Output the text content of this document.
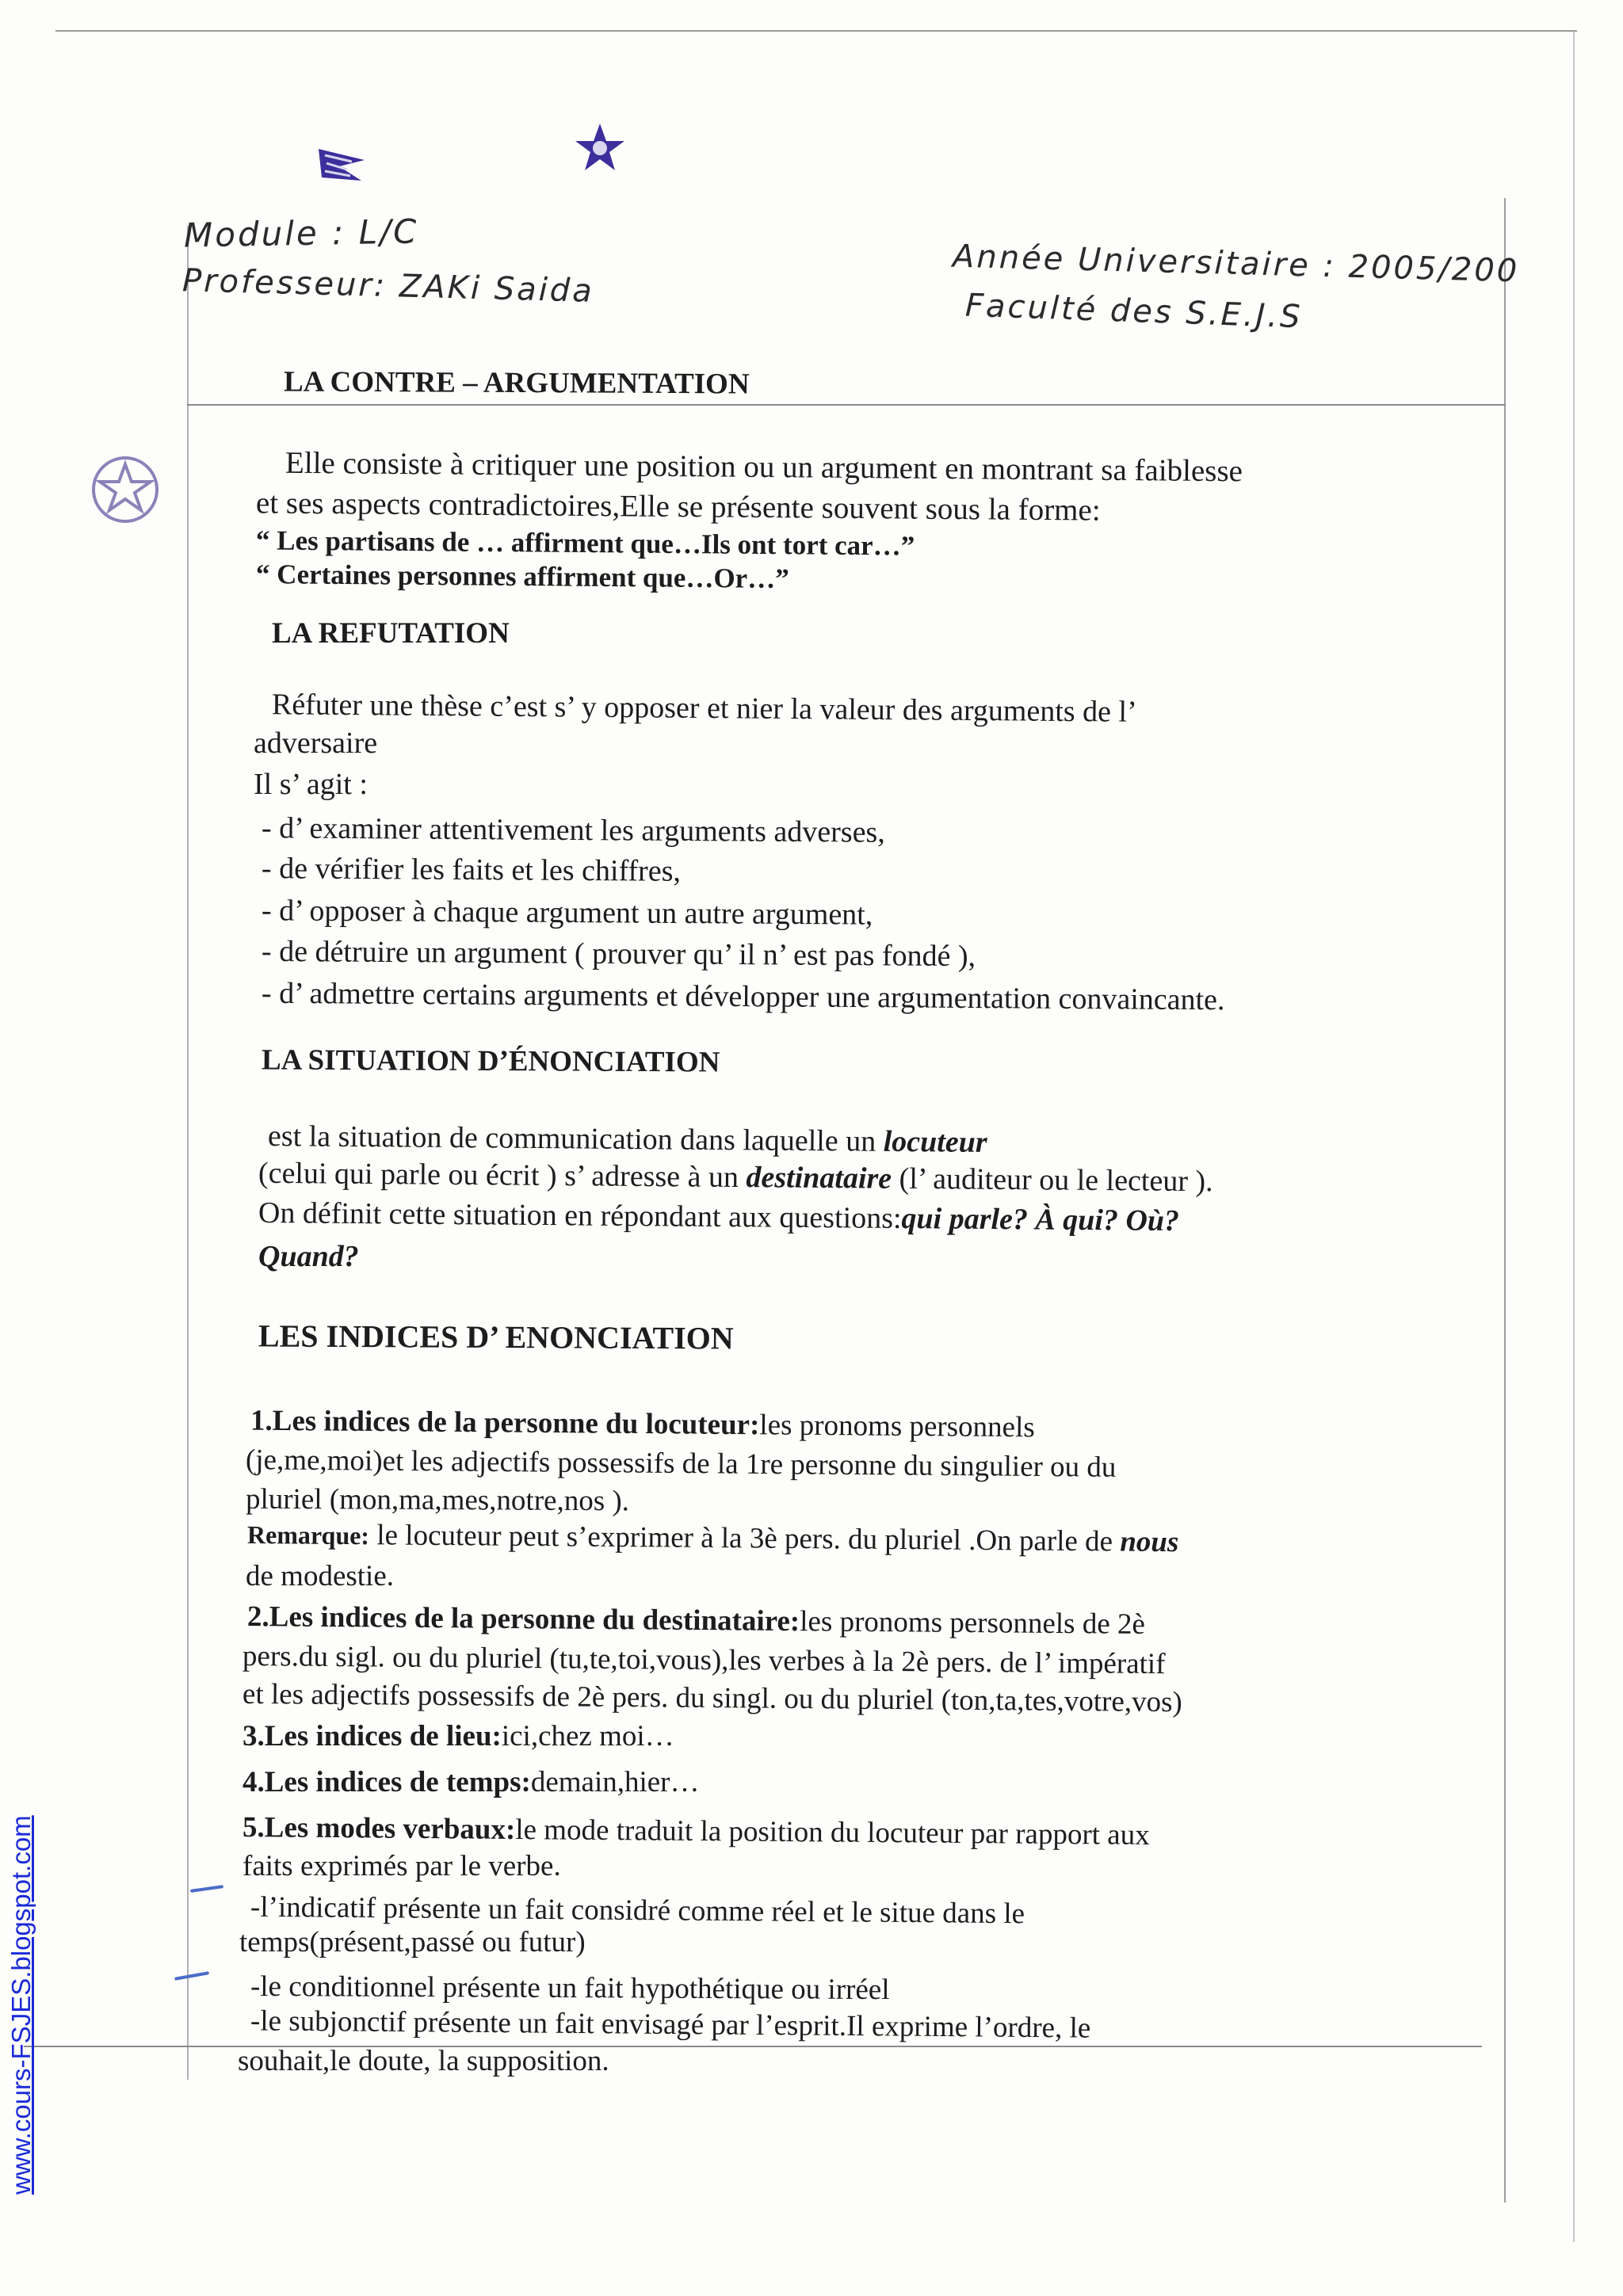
Module : L/C
Professeur: ZAKi Saida	Année Universitaire : 2005/200
Faculté des S.E.J.S
LA CONTRE – ARGUMENTATION
Elle consiste à critiquer une position ou un argument en montrant sa faiblesse
et ses aspects contradictoires,Elle se présente souvent sous la forme:
“ Les partisans de … affirment que…Ils ont tort car…”
“ Certaines personnes affirment que…Or…”
LA REFUTATION
Réfuter une thèse c’est s’ y opposer et nier la valeur des arguments de l’
adversaire
Il s’ agit :
- d’ examiner attentivement les arguments adverses,
- de vérifier les faits et les chiffres,
- d’ opposer à chaque argument un autre argument,
- de détruire un argument ( prouver qu’ il n’ est pas fondé ),
- d’ admettre certains arguments et développer une argumentation convaincante.
LA SITUATION D’ÉNONCIATION
est la situation de communication dans laquelle un locuteur
(celui qui parle ou écrit ) s’ adresse à un destinataire (l’ auditeur ou le lecteur ).
On définit cette situation en répondant aux questions:qui parle? À qui? Où?
Quand?
LES INDICES D’ ENONCIATION
1.Les indices de la personne du locuteur:les pronoms personnels
(je,me,moi)et les adjectifs possessifs de la 1re personne du singulier ou du
pluriel (mon,ma,mes,notre,nos ).
Remarque: le locuteur peut s’exprimer à la 3è pers. du pluriel .On parle de nous
de modestie.
2.Les indices de la personne du destinataire:les pronoms personnels de 2è
pers.du sigl. ou du pluriel (tu,te,toi,vous),les verbes à la 2è pers. de l’ impératif
et les adjectifs possessifs de 2è pers. du singl. ou du pluriel (ton,ta,tes,votre,vos)
3.Les indices de lieu:ici,chez moi…
4.Les indices de temps:demain,hier…
5.Les modes verbaux:le mode traduit la position du locuteur par rapport aux
faits exprimés par le verbe.
-l’indicatif présente un fait considré comme réel et le situe dans le
temps(présent,passé ou futur)
-le conditionnel présente un fait hypothétique ou irréel
-le subjonctif présente un fait envisagé par l’esprit.Il exprime l’ordre, le
souhait,le doute, la supposition.
www.cours-FSJES.blogspot.com
